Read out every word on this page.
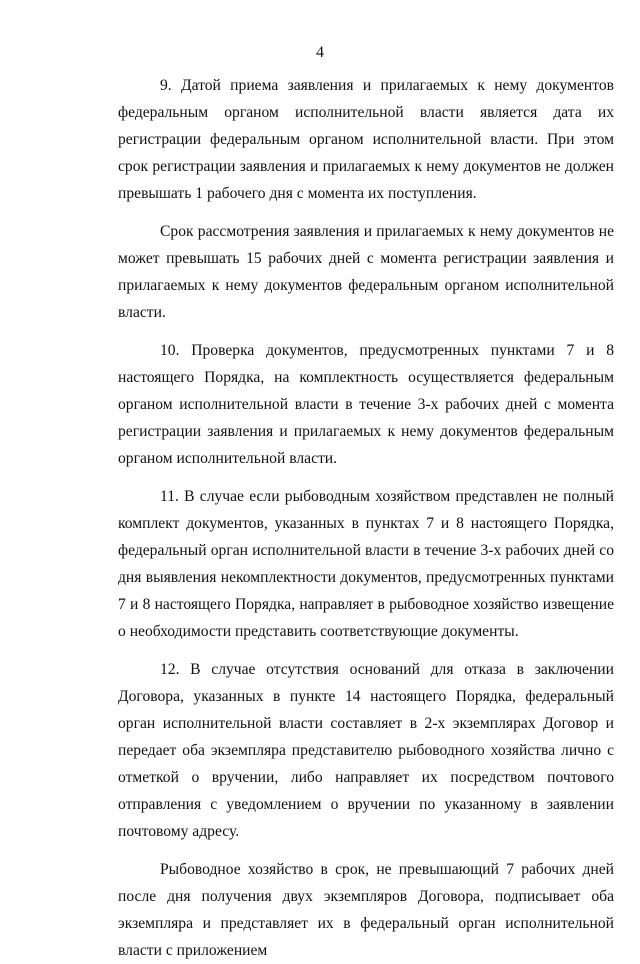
4

9. Датой приема заявления и прилагаемых к нему документов федеральным органом исполнительной власти является дата их регистрации федеральным органом исполнительной власти. При этом срок регистрации заявления и прилагаемых к нему документов не должен превышать 1 рабочего дня с момента их поступления.

Срок рассмотрения заявления и прилагаемых к нему документов не может превышать 15 рабочих дней с момента регистрации заявления и прилагаемых к нему документов федеральным органом исполнительной власти.

10. Проверка документов, предусмотренных пунктами 7 и 8 настоящего Порядка, на комплектность осуществляется федеральным органом исполнительной власти в течение 3-х рабочих дней с момента регистрации заявления и прилагаемых к нему документов федеральным органом исполнительной власти.

11. В случае если рыбоводным хозяйством представлен не полный комплект документов, указанных в пунктах 7 и 8 настоящего Порядка, федеральный орган исполнительной власти в течение 3-х рабочих дней со дня выявления некомплектности документов, предусмотренных пунктами 7 и 8 настоящего Порядка, направляет в рыбоводное хозяйство извещение о необходимости представить соответствующие документы.

12. В случае отсутствия оснований для отказа в заключении Договора, указанных в пункте 14 настоящего Порядка, федеральный орган исполнительной власти составляет в 2-х экземплярах Договор и передает оба экземпляра представителю рыбоводного хозяйства лично с отметкой о вручении, либо направляет их посредством почтового отправления с уведомлением о вручении по указанному в заявлении почтовому адресу.

Рыбоводное хозяйство в срок, не превышающий 7 рабочих дней после дня получения двух экземпляров Договора, подписывает оба экземпляра и представляет их в федеральный орган исполнительной власти с приложением
